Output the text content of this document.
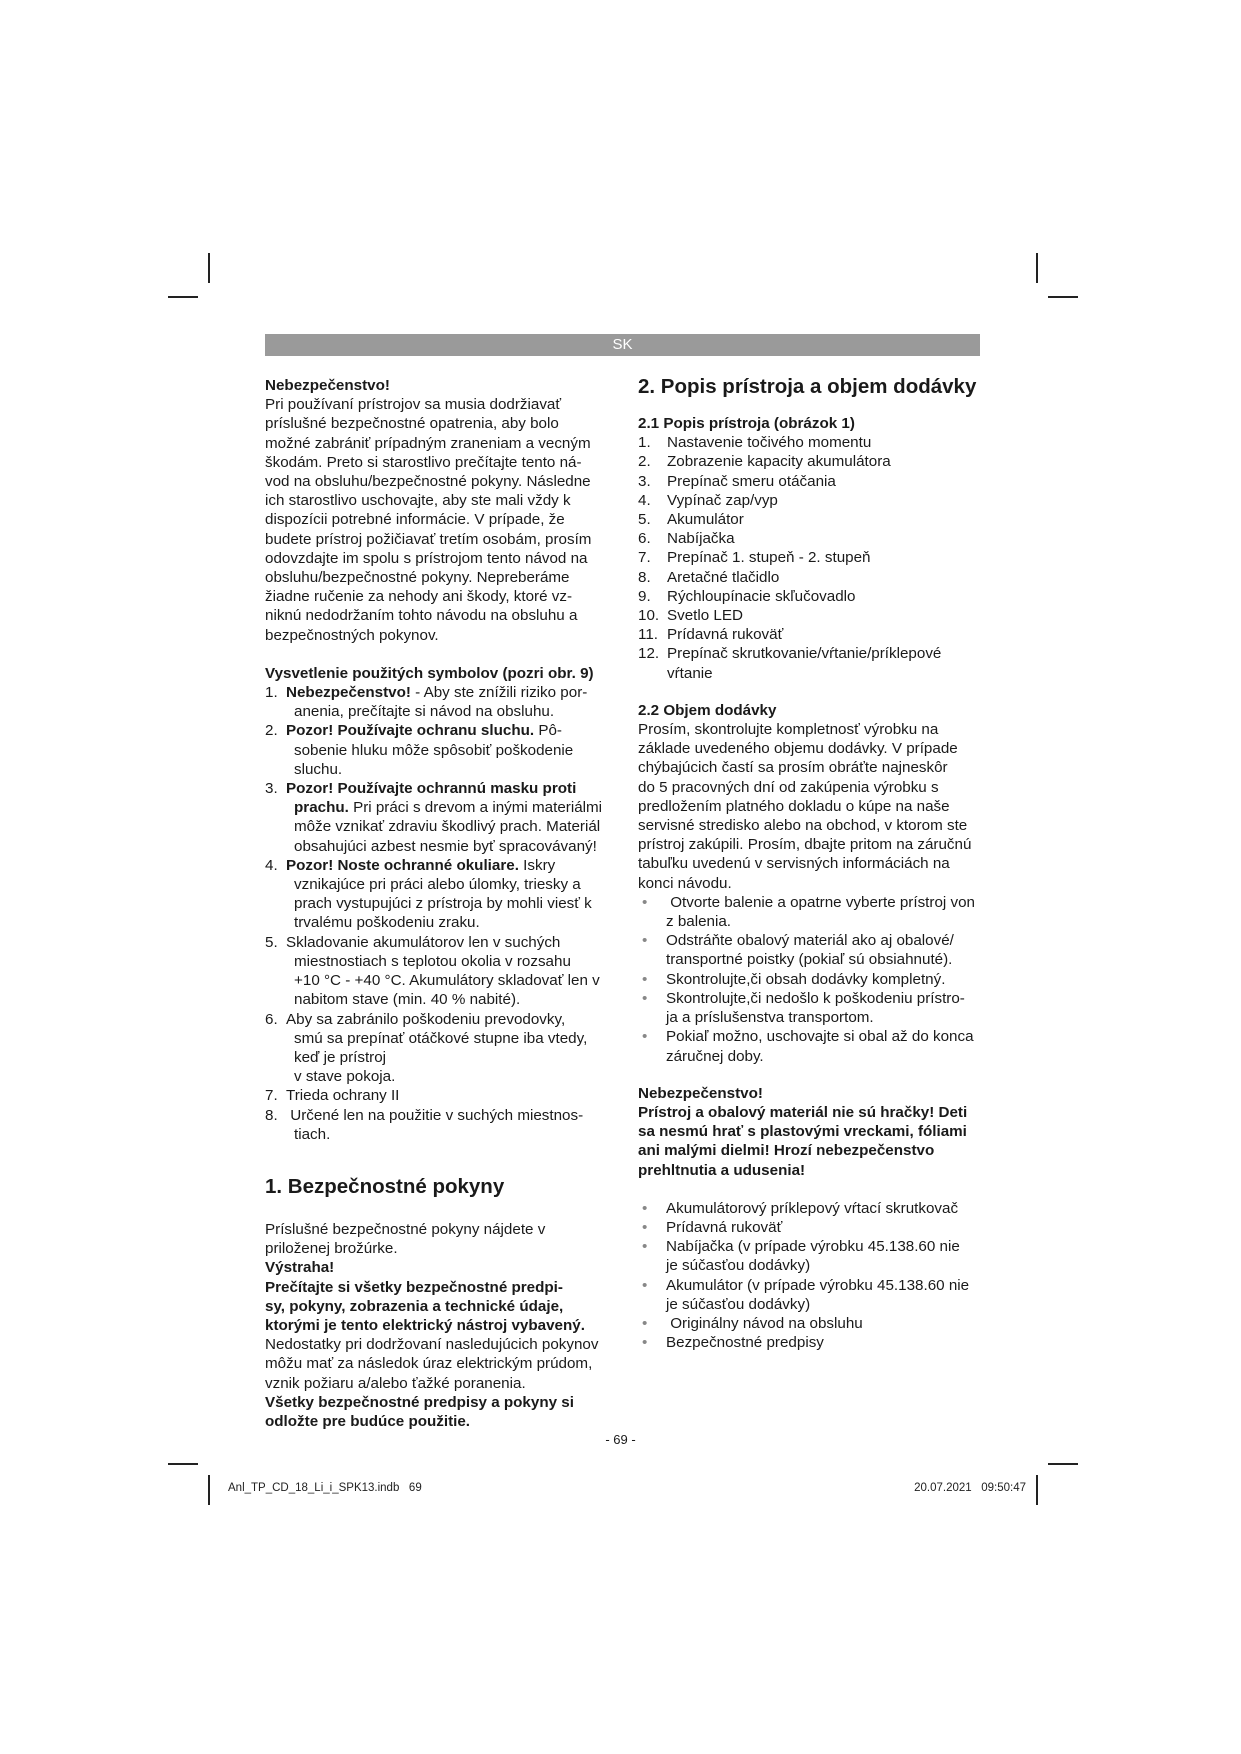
SK

Nebezpečenstvo!

Pri používaní prístrojov sa musia dodržiavať

príslušné bezpečnostné opatrenia, aby bolo

možné zabrániť prípadným zraneniam a vecným

škodám. Preto si starostlivo prečítajte tento ná-

vod na obsluhu/bezpečnostné pokyny. Následne

ich starostlivo uschovajte, aby ste mali vždy k

dispozícii potrebné informácie. V prípade, že

budete prístroj požičiavať tretím osobám, prosím

odovzdajte im spolu s prístrojom tento návod na

obsluhu/bezpečnostné pokyny. Nepreberáme

žiadne ručenie za nehody ani škody, ktoré vz-

niknú nedodržaním tohto návodu na obsluhu a

bezpečnostných pokynov.

Vysvetlenie použitých symbolov (pozri obr. 9)

1. Nebezpečenstvo! - Aby ste znížili riziko por-

anenia, prečítajte si návod na obsluhu.

2. Pozor! Používajte ochranu sluchu. Pô-

sobenie hluku môže spôsobiť poškodenie

sluchu.

3. Pozor! Používajte ochrannú masku proti

prachu. Pri práci s drevom a inými materiálmi

môže vznikať zdraviu škodlivý prach. Materiál

obsahujúci azbest nesmie byť spracovávaný!

4. Pozor! Noste ochranné okuliare. Iskry

vznikajúce pri práci alebo úlomky, triesky a

prach vystupujúci z prístroja by mohli viesť k

trvalému poškodeniu zraku.

5. Skladovanie akumulátorov len v suchých

miestnostiach s teplotou okolia v rozsahu

+10 °C - +40 °C. Akumulátory skladovať len v

nabitom stave (min. 40 % nabité).

6. Aby sa zabránilo poškodeniu prevodovky,

smú sa prepínať otáčkové stupne iba vtedy,

keď je prístroj

v stave pokoja.

7. Trieda ochrany II

8. Určené len na použitie v suchých miestnos-

tiach.

1. Bezpečnostné pokyny

Príslušné bezpečnostné pokyny nájdete v

priloženej brožúrke.

Výstraha!

Prečítajte si všetky bezpečnostné predpi-

sy, pokyny, zobrazenia a technické údaje,

ktorými je tento elektrický nástroj vybavený.

Nedostatky pri dodržovaní nasledujúcich pokynov

môžu mať za následok úraz elektrickým prúdom,

vznik požiaru a/alebo ťažké poranenia.

Všetky bezpečnostné predpisy a pokyny si

odložte pre budúce použitie.

2. Popis prístroja a objem dodávky

2.1 Popis prístroja (obrázok 1)

1. Nastavenie točivého momentu

2. Zobrazenie kapacity akumulátora

3. Prepínač smeru otáčania

4. Vypínač zap/vyp

5. Akumulátor

6. Nabíjačka

7. Prepínač 1. stupeň - 2. stupeň

8. Aretačné tlačidlo

9. Rýchloupínacie skľučovadlo

10. Svetlo LED

11. Prídavná rukoväť

12. Prepínač skrutkovanie/vŕtanie/príklepové

vŕtanie

2.2 Objem dodávky

Prosím, skontrolujte kompletnosť výrobku na

základe uvedeného objemu dodávky. V prípade

chýbajúcich častí sa prosím obráťte najneskôr

do 5 pracovných dní od zakúpenia výrobku s

predložením platného dokladu o kúpe na naše

servisné stredisko alebo na obchod, v ktorom ste

prístroj zakúpili. Prosím, dbajte pritom na záručnú

tabuľku uvedenú v servisných informáciách na

konci návodu.

• Otvorte balenie a opatrne vyberte prístroj von

z balenia.

• Odstráňte obalový materiál ako aj obalové/

transportné poistky (pokiaľ sú obsiahnuté).

• Skontrolujte,či obsah dodávky kompletný.

• Skontrolujte,či nedošlo k poškodeniu prístro-

ja a príslušenstva transportom.

• Pokiaľ možno, uschovajte si obal až do konca

záručnej doby.

Nebezpečenstvo!

Prístroj a obalový materiál nie sú hračky! Deti

sa nesmú hrať s plastovými vreckami, fóliami

ani malými dielmi! Hrozí nebezpečenstvo

prehltnutia a udusenia!

• Akumulátorový príklepový vŕtací skrutkovač

• Prídavná rukoväť

• Nabíjačka (v prípade výrobku 45.138.60 nie

je súčasťou dodávky)

• Akumulátor (v prípade výrobku 45.138.60 nie

je súčasťou dodávky)

• Originálny návod na obsluhu

• Bezpečnostné predpisy

- 69 -
Anl_TP_CD_18_Li_i_SPK13.indb   69	20.07.2021   09:50:47
